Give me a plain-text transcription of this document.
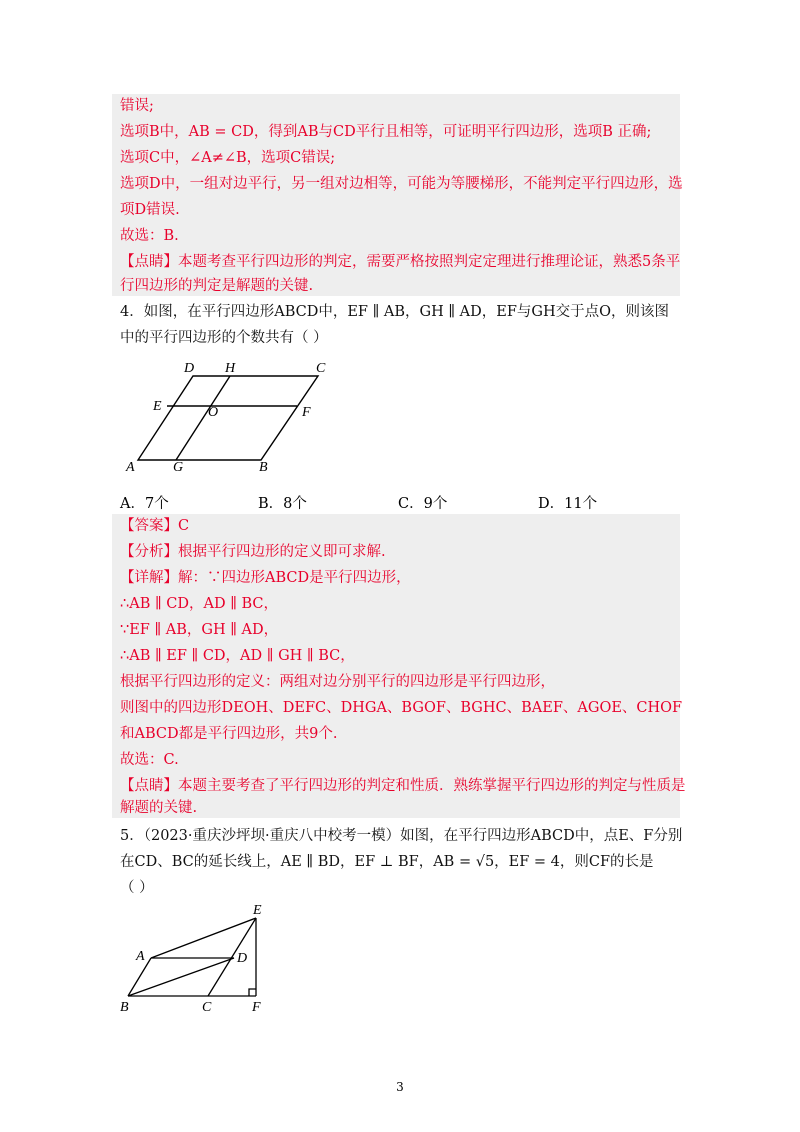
错误;
选项B中，AB = CD，得到AB与CD平行且相等，可证明平行四边形，选项B 正确;
选项C中，∠A≠∠B，选项C错误;
选项D中，一组对边平行，另一组对边相等，可能为等腰梯形，不能判定平行四边形，选
项D错误.
故选：B.
【点睛】本题考查平行四边形的判定，需要严格按照判定定理进行推理论证，熟悉5条平
行四边形的判定是解题的关键.
4．如图，在平行四边形ABCD中，EF ∥ AB，GH ∥ AD，EF与GH交于点O，则该图
中的平行四边形的个数共有（ ）
D H	C
E	O	F
A	G	B
A．7个	B．8个	C．9个	D．11个
【答案】C
【分析】根据平行四边形的定义即可求解.
【详解】解：∵四边形ABCD是平行四边形，
∴AB ∥ CD，AD ∥ BC，
∵EF ∥ AB，GH ∥ AD，
∴AB ∥ EF ∥ CD，AD ∥ GH ∥ BC，
根据平行四边形的定义：两组对边分别平行的四边形是平行四边形，
则图中的四边形DEOH、DEFC、DHGA、BGOF、BGHC、BAEF、AGOE、CHOF
和ABCD都是平行四边形，共9个.
故选：C.
【点睛】本题主要考查了平行四边形的判定和性质．熟练掌握平行四边形的判定与性质是
解题的关键.
5．（2023·重庆沙坪坝·重庆八中校考一模）如图，在平行四边形ABCD中，点E、F分别
在CD、BC的延长线上，AE ∥ BD，EF ⊥ BF，AB = √5，EF = 4，则CF的长是
（ ）
E
A	D
B	C	F
3
